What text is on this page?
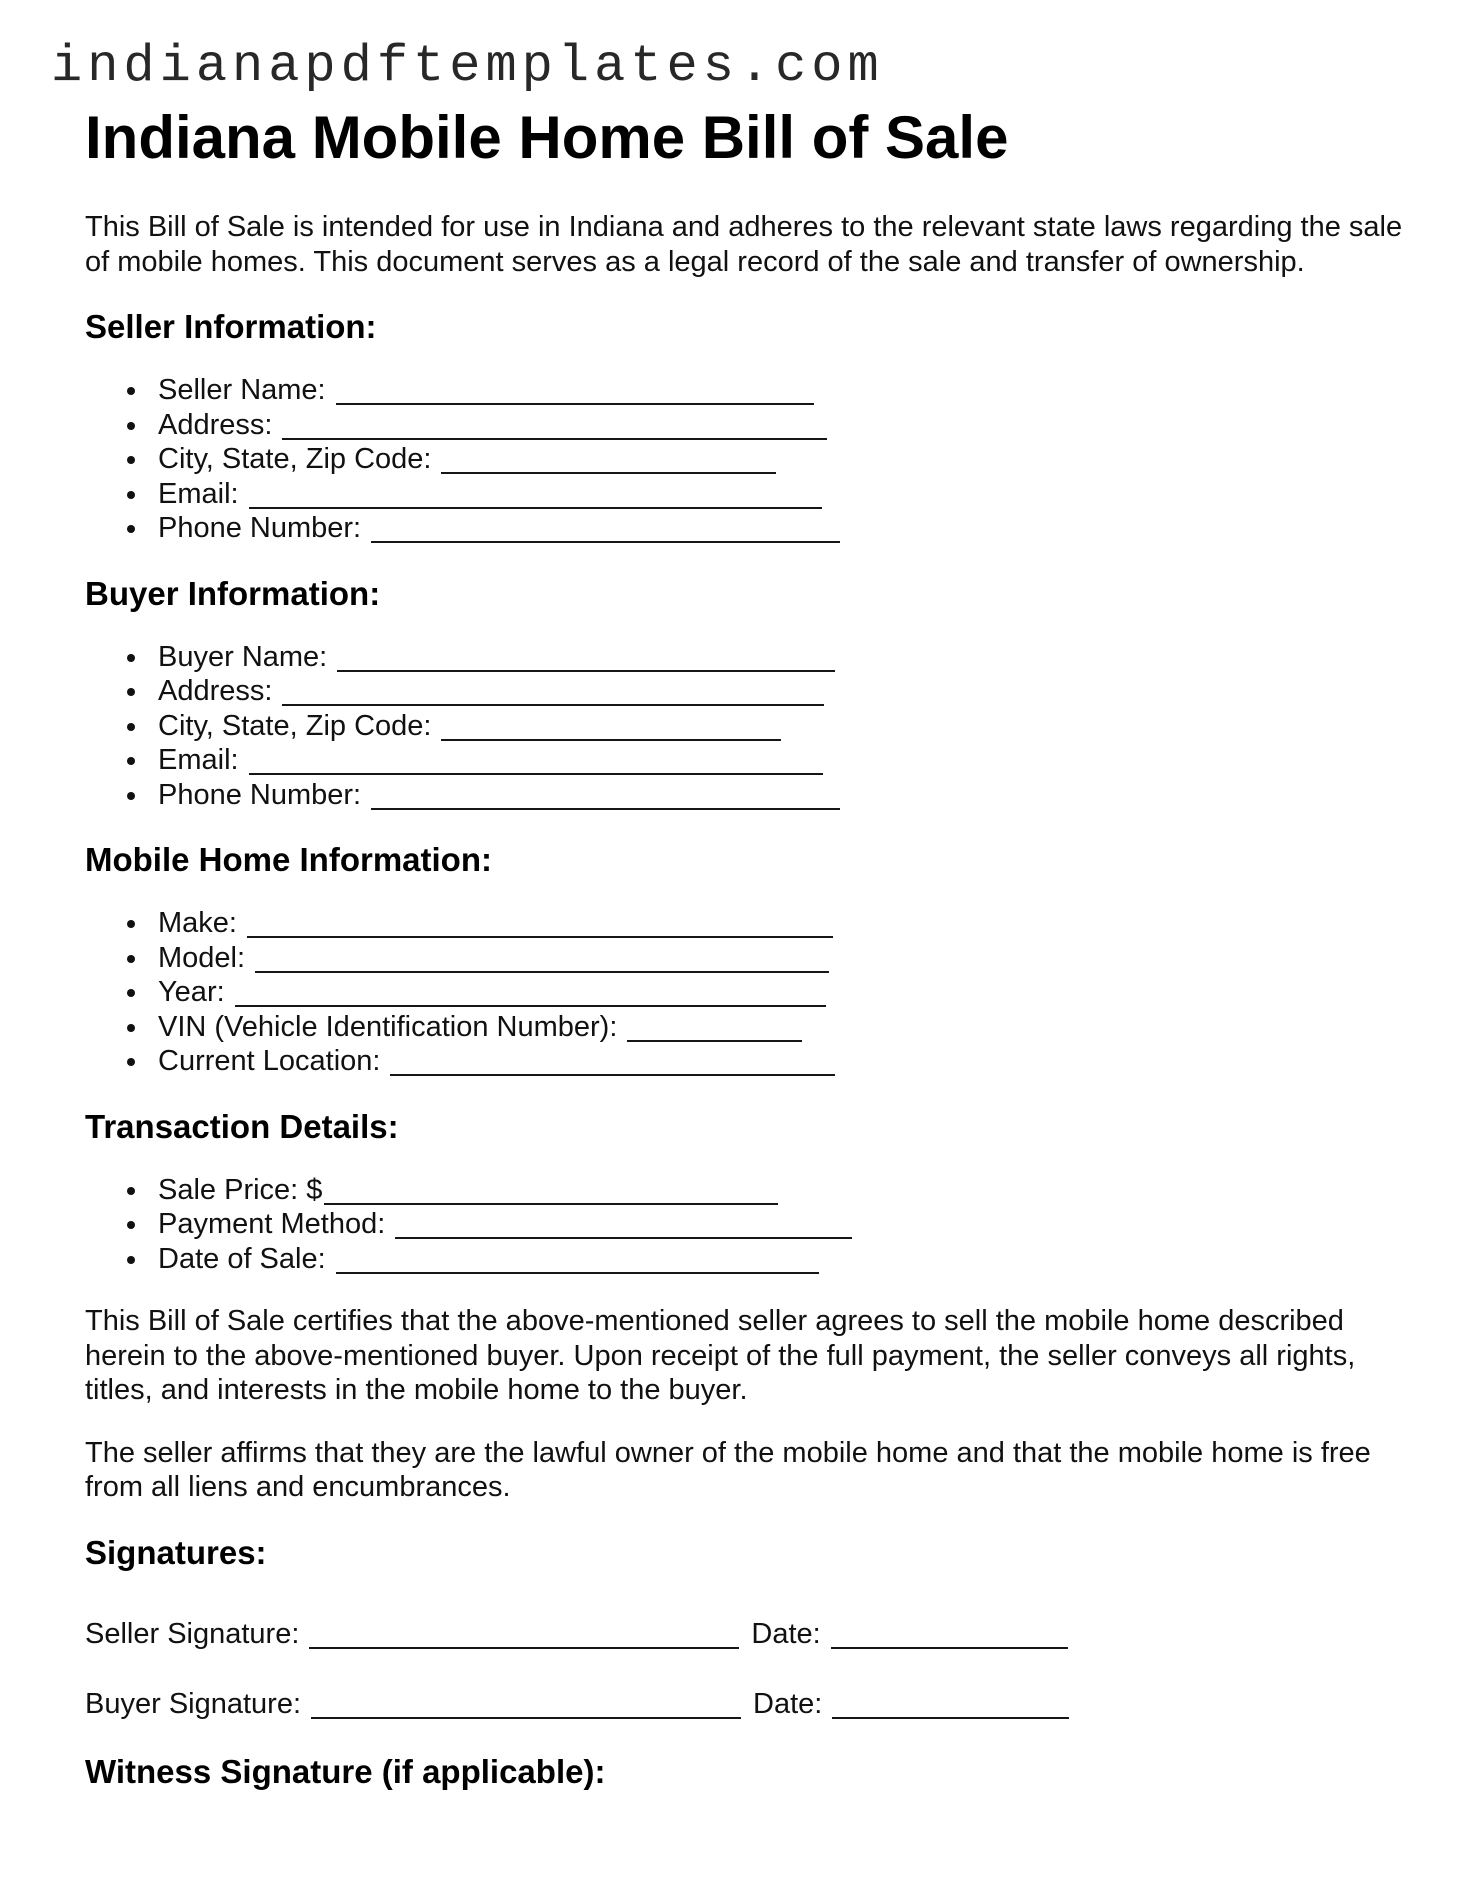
indianapdftemplates.com
Indiana Mobile Home Bill of Sale

This Bill of Sale is intended for use in Indiana and adheres to the relevant state laws regarding the sale of mobile homes. This document serves as a legal record of the sale and transfer of ownership.

Seller Information:
Seller Name:
Address:
City, State, Zip Code:
Email:
Phone Number:
Buyer Information:
Buyer Name:
Address:
City, State, Zip Code:
Email:
Phone Number:
Mobile Home Information:
Make:
Model:
Year:
VIN (Vehicle Identification Number):
Current Location:
Transaction Details:
Sale Price: $
Payment Method:
Date of Sale:

This Bill of Sale certifies that the above-mentioned seller agrees to sell the mobile home described herein to the above-mentioned buyer. Upon receipt of the full payment, the seller conveys all rights, titles, and interests in the mobile home to the buyer.

The seller affirms that they are the lawful owner of the mobile home and that the mobile home is free from all liens and encumbrances.

Signatures:
Seller Signature:	Date:
Buyer Signature:	Date:
Witness Signature (if applicable):
